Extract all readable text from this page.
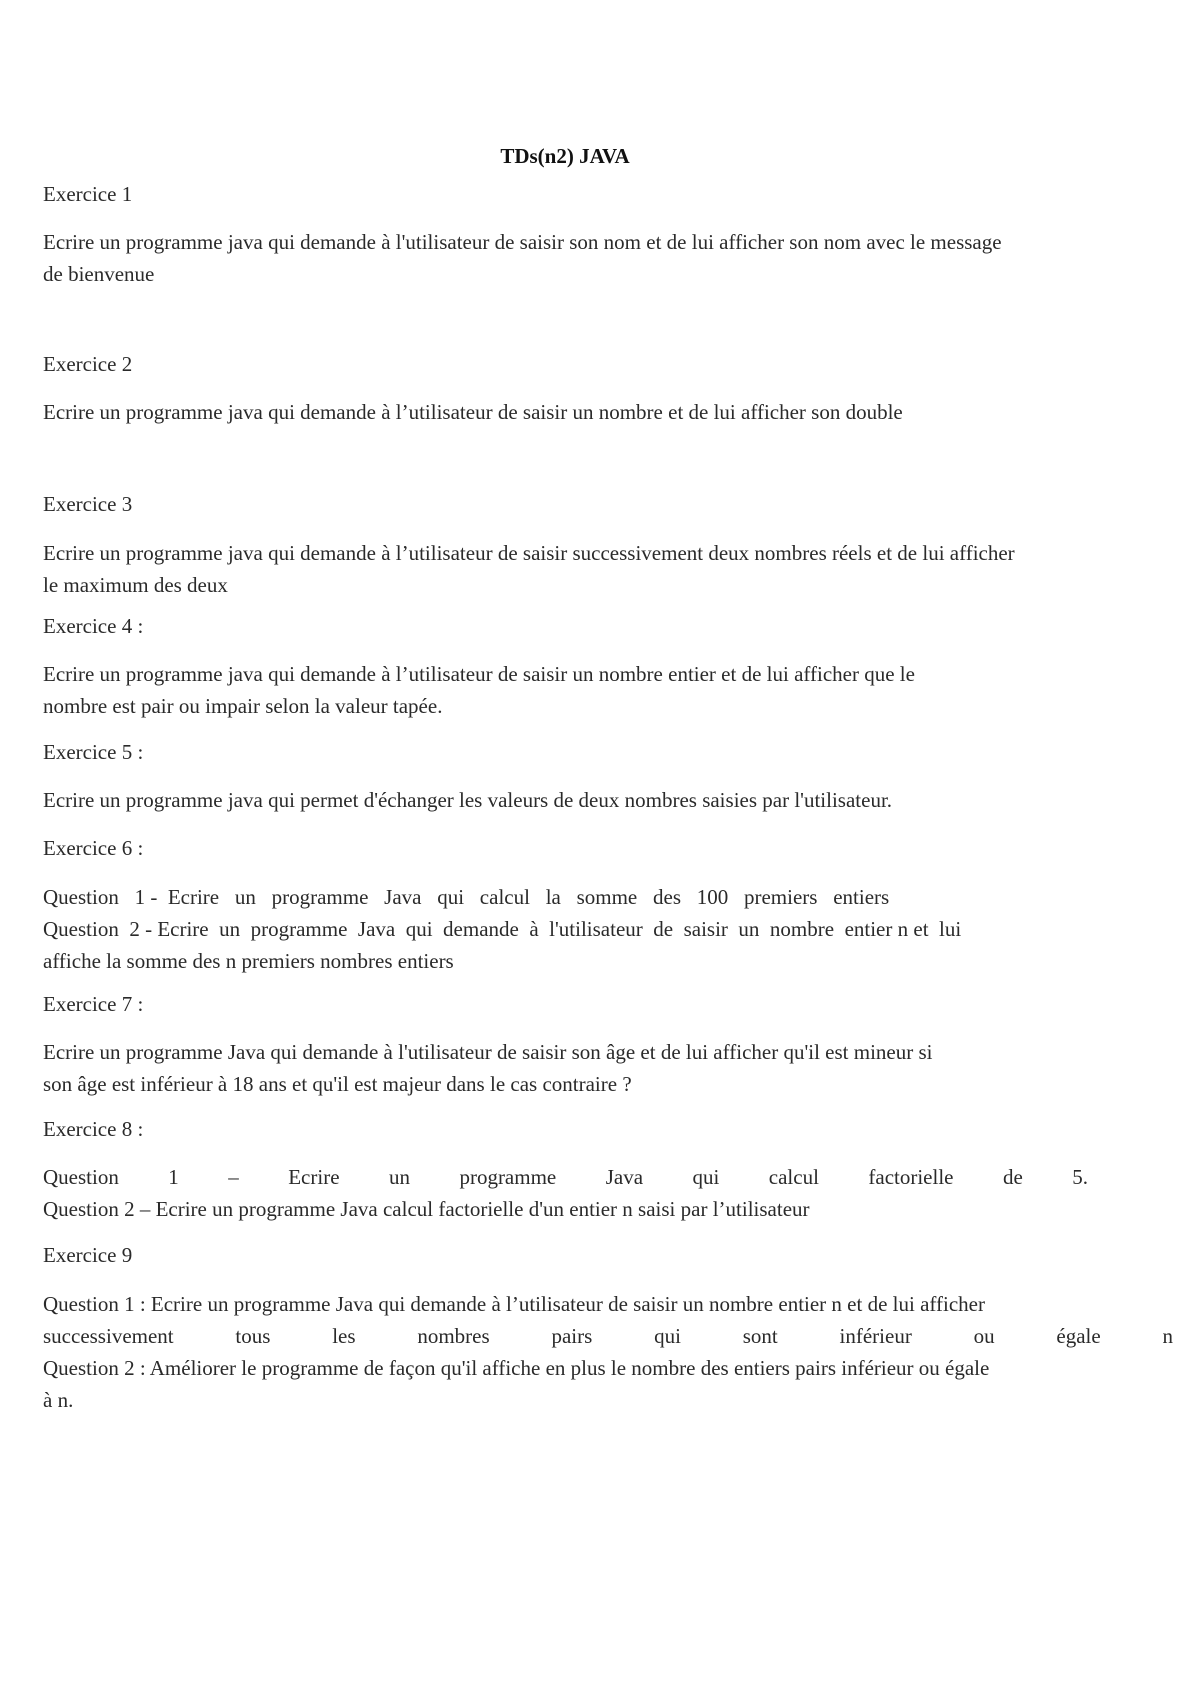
TDs(n2) JAVA

Exercice 1

Ecrire un programme java qui demande à l'utilisateur de saisir son nom et de lui afficher son nom avec le message
de bienvenue

Exercice 2

Ecrire un programme java qui demande à l’utilisateur de saisir un nombre et de lui afficher son double

Exercice 3

Ecrire un programme java qui demande à l’utilisateur de saisir successivement deux nombres réels et de lui afficher
le maximum des deux

Exercice 4 :

Ecrire un programme java qui demande à l’utilisateur de saisir un nombre entier et de lui afficher que le
nombre est pair ou impair selon la valeur tapée.

Exercice 5 :

Ecrire un programme java qui permet d'échanger les valeurs de deux nombres saisies par l'utilisateur.

Exercice 6 :

Question   1 -  Ecrire   un   programme   Java   qui   calcul   la   somme   des   100   premiers   entiers
Question  2 - Ecrire  un  programme  Java  qui  demande  à  l'utilisateur  de  saisir  un  nombre  entier n et  lui
affiche la somme des n premiers nombres entiers

Exercice 7 :

Ecrire un programme Java qui demande à l'utilisateur de saisir son âge et de lui afficher qu'il est mineur si
son âge est inférieur à 18 ans et qu'il est majeur dans le cas contraire ?

Exercice 8 :

Question 1 – Ecrire un programme Java qui calcul factorielle de 5.
Question 2 – Ecrire un programme Java calcul factorielle d'un entier n saisi par l’utilisateur

Exercice 9

Question 1 : Ecrire un programme Java qui demande à l’utilisateur de saisir un nombre entier n et de lui afficher
successivement tous les nombres pairs qui sont inférieur ou égale n
Question 2 : Améliorer le programme de façon qu'il affiche en plus le nombre des entiers pairs inférieur ou égale
à n.
